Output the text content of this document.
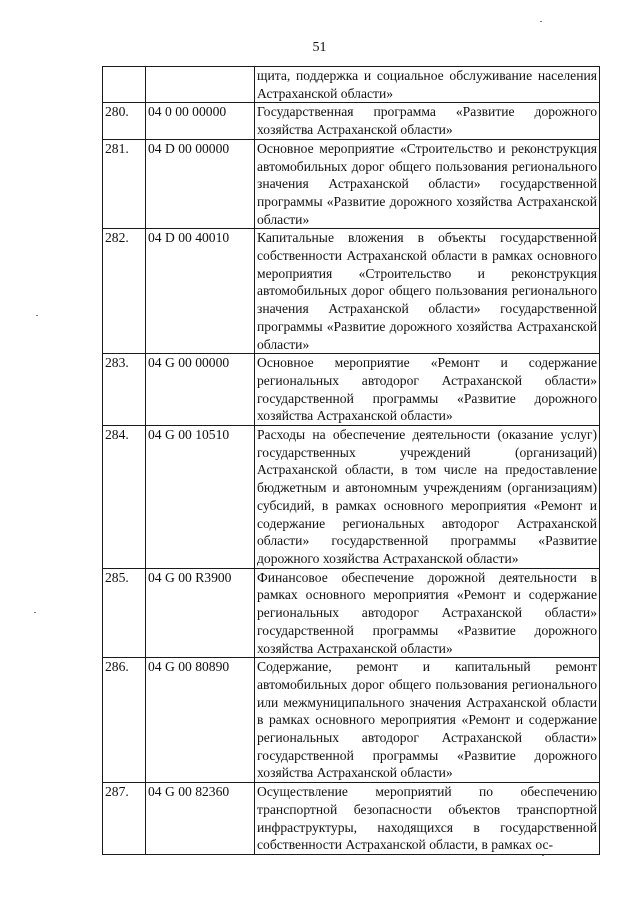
51
		щита, поддержка и социальное обслуживание населения Астраханской области»
280.	04 0 00 00000	Государственная программа «Развитие дорожного хозяйства Астраханской области»
281.	04 D 00 00000	Основное мероприятие «Строительство и реконструкция автомобильных дорог общего пользования регионального значения Астраханской области» государственной программы «Развитие дорожного хозяйства Астраханской области»
282.	04 D 00 40010	Капитальные вложения в объекты государственной собственности Астраханской области в рамках основного мероприятия «Строительство и реконструкция автомобильных дорог общего пользования регионального значения Астраханской области» государственной программы «Развитие дорожного хозяйства Астраханской области»
283.	04 G 00 00000	Основное мероприятие «Ремонт и содержание региональных автодорог Астраханской области» государственной программы «Развитие дорожного хозяйства Астраханской области»
284.	04 G 00 10510	Расходы на обеспечение деятельности (оказание услуг) государственных учреждений (организаций) Астраханской области, в том числе на предоставление бюджетным и автономным учреждениям (организациям) субсидий, в рамках основного мероприятия «Ремонт и содержание региональных автодорог Астраханской области» государственной программы «Развитие дорожного хозяйства Астраханской области»
285.	04 G 00 R3900	Финансовое обеспечение дорожной деятельности в рамках основного мероприятия «Ремонт и содержание региональных автодорог Астраханской области» государственной программы «Развитие дорожного хозяйства Астраханской области»
286.	04 G 00 80890	Содержание, ремонт и капитальный ремонт автомобильных дорог общего пользования регионального или межмуниципального значения Астраханской области в рамках основного мероприятия «Ремонт и содержание региональных автодорог Астраханской области» государственной программы «Развитие дорожного хозяйства Астраханской области»
287.	04 G 00 82360	Осуществление мероприятий по обеспечению транспортной безопасности объектов транспортной инфраструктуры, находящихся в государственной собственности Астраханской области, в рамках ос-
